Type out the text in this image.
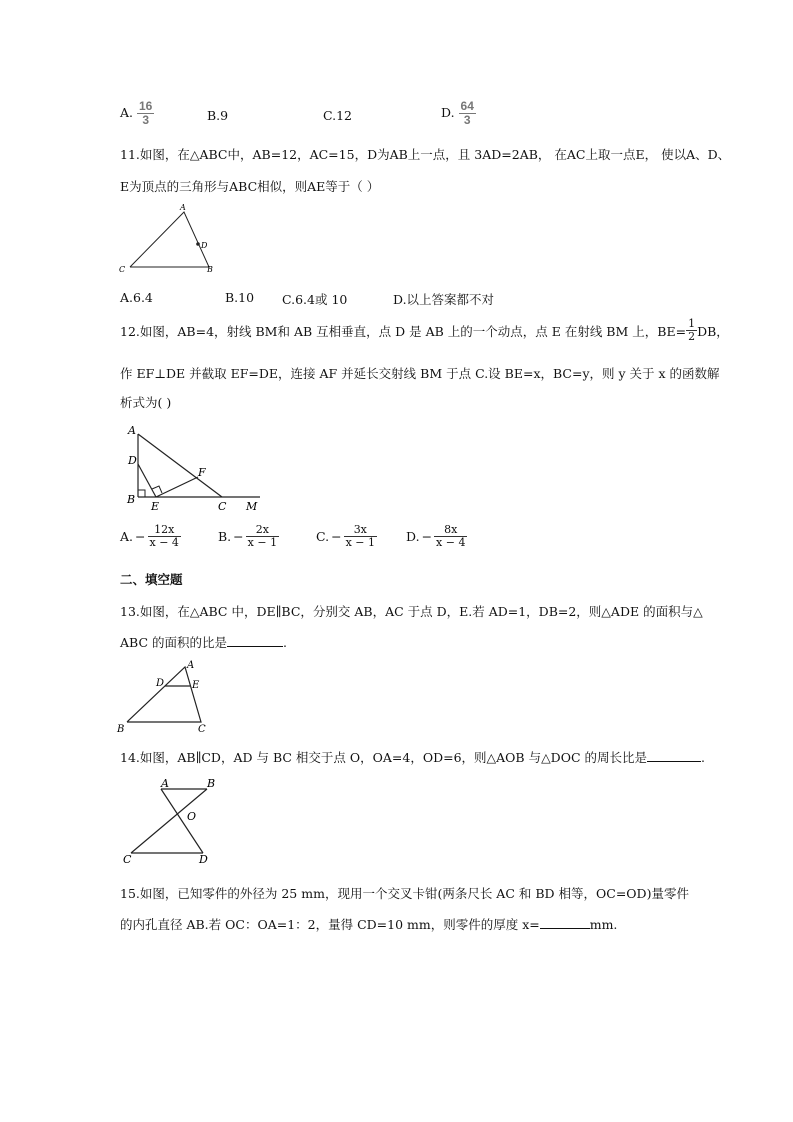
A. $\frac{16}{3}$	B.9	C.12	D. $\frac{64}{3}$
11.如图，在△ABC中，AB=12，AC=15，D为AB上一点，且 3AD=2AB， 在AC上取一点E， 使以A、D、
E为顶点的三角形与ABC相似，则AE等于（ ）
A
D
C	B
A.6.4	B.10 C.6.4或 10	D.以上答案都不对
12.如图，AB=4，射线 BM和 AB 互相垂直，点 D 是 AB 上的一个动点，点 E 在射线 BM 上，$BE= \frac{1}{2}$ DB，
作 EF⊥DE 并截取 EF=DE，连接 AF 并延长交射线 BM 于点 C.设 BE=x，BC=y，则 y 关于 x 的函数解
析式为( )
A
D
F
B
E	C M
A. − $\frac{12x}{x - 4}$	B. − $\frac{2x}{x - 1}$	C. − $\frac{3x}{x - 1} D$. − $\frac{8x}{x - 4}$
二、填空题
13.如图，在△ABC 中，DE∥BC，分别交 AB，AC 于点 D，E.若 AD=1，DB=2，则△ADE 的面积与△
ABC 的面积的比是	.
A
D	E
B	C
14.如图，AB∥CD，AD 与 BC 相交于点 O，OA=4，OD=6，则△AOB 与△DOC 的周长比是	.
A	B
O
C	D
15.如图，已知零件的外径为 25 mm，现用一个交叉卡钳(两条尺长 AC 和 BD 相等，OC=OD)量零件
的内孔直径 AB.若 OC：OA=1：2，量得 CD=10 mm，则零件的厚度 x=	mm.
